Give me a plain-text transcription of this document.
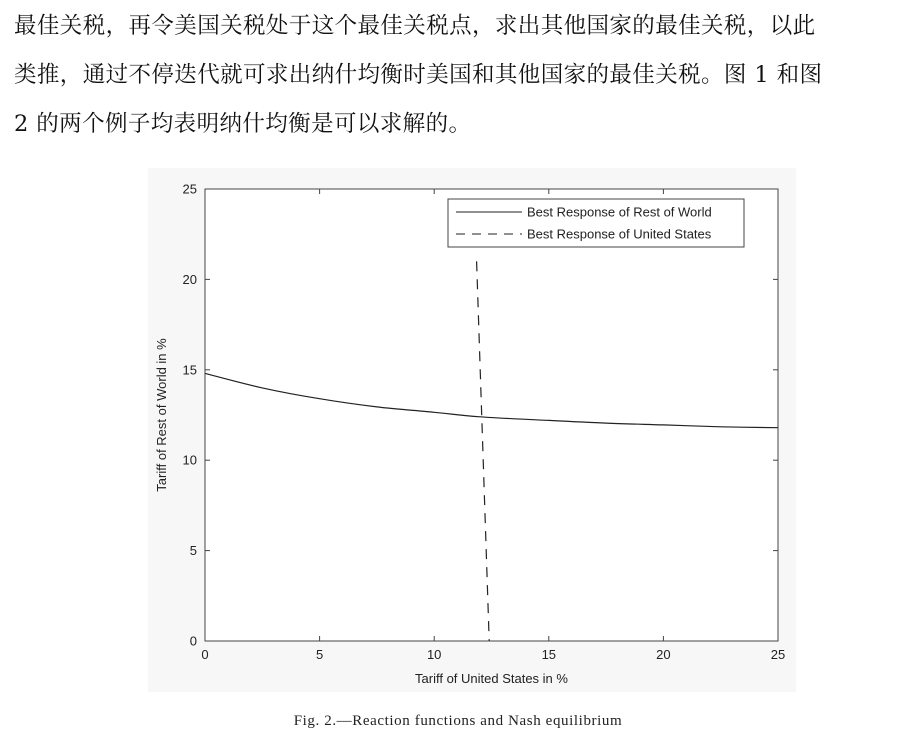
最佳关税，再令美国关税处于这个最佳关税点，求出其他国家的最佳关税，以此
类推，通过不停迭代就可求出纳什均衡时美国和其他国家的最佳关税。图 1 和图
2 的两个例子均表明纳什均衡是可以求解的。

0	5	10	15	20	25
0
5
10
15
20
25
Tariff of United States in %
Tariff of Rest of World in %
Best Response of Rest of World
Best Response of United States
Fig. 2.—Reaction functions and Nash equilibrium
